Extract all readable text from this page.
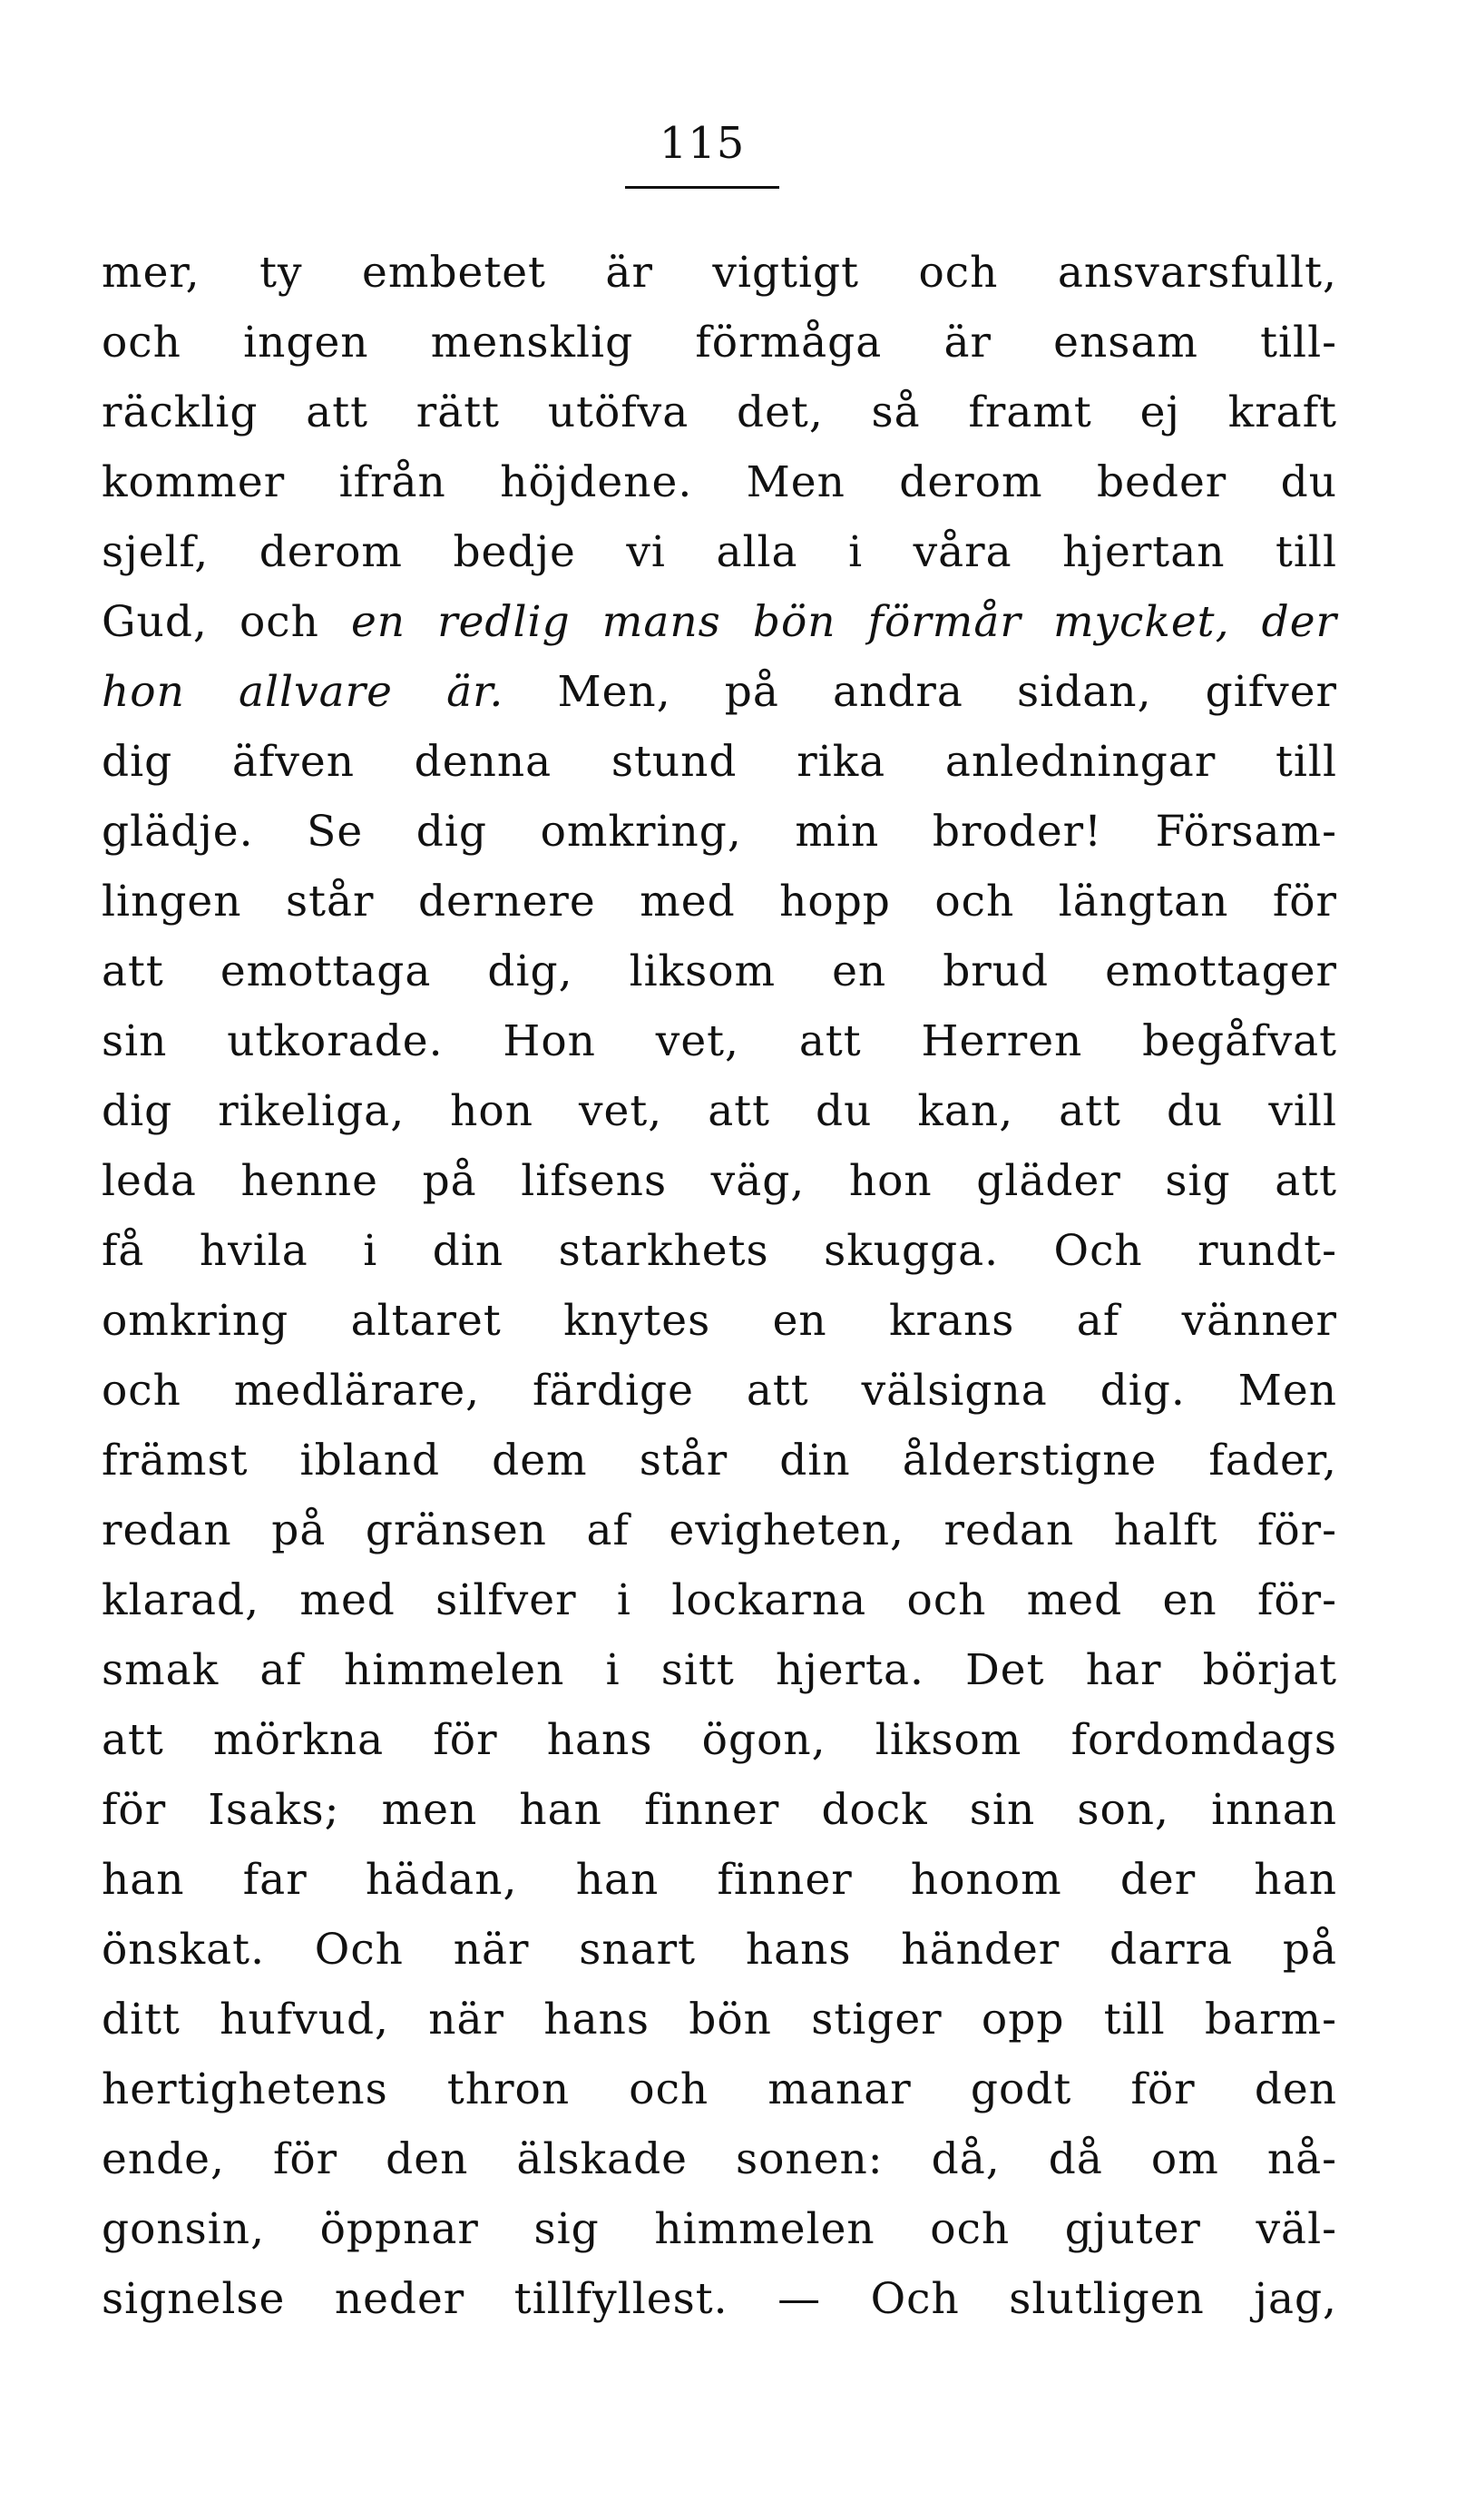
115
mer, ty embetet är vigtigt och ansvarsfullt,
och ingen mensklig förmåga är ensam till-
räcklig att rätt utöfva det, så framt ej kraft
kommer ifrån höjdene. Men derom beder du
sjelf, derom bedje vi alla i våra hjertan till
Gud, och en redlig mans bön förmår mycket, der
hon allvare är. Men, på andra sidan, gifver
dig äfven denna stund rika anledningar till
glädje. Se dig omkring, min broder! Försam-
lingen står dernere med hopp och längtan för
att emottaga dig, liksom en brud emottager
sin utkorade. Hon vet, att Herren begåfvat
dig rikeliga, hon vet, att du kan, att du vill
leda henne på lifsens väg, hon gläder sig att
få hvila i din starkhets skugga. Och rundt-
omkring altaret knytes en krans af vänner
och medlärare, färdige att välsigna dig. Men
främst ibland dem står din ålderstigne fader,
redan på gränsen af evigheten, redan halft för-
klarad, med silfver i lockarna och med en för-
smak af himmelen i sitt hjerta. Det har börjat
att mörkna för hans ögon, liksom fordomdags
för Isaks; men han finner dock sin son, innan
han far hädan, han finner honom der han
önskat. Och när snart hans händer darra på
ditt hufvud, när hans bön stiger opp till barm-
hertighetens thron och manar godt för den
ende, för den älskade sonen: då, då om nå-
gonsin, öppnar sig himmelen och gjuter väl-
signelse neder tillfyllest. — Och slutligen jag,
